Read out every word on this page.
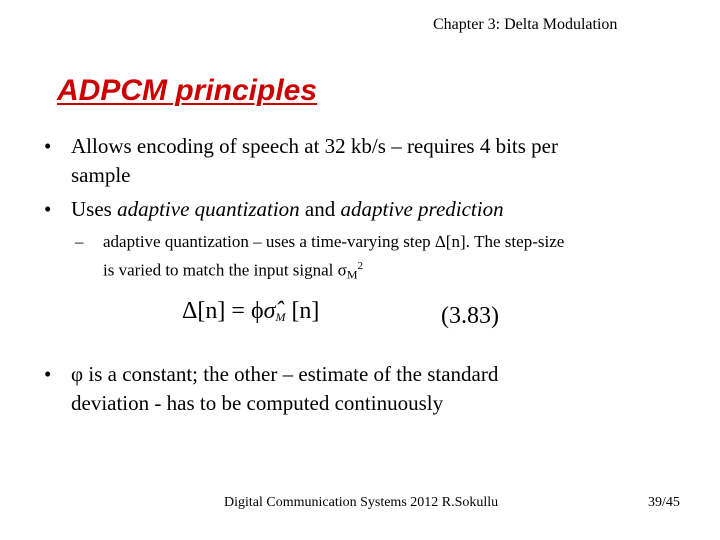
Chapter 3: Delta Modulation
ADPCM principles
• Allows encoding of speech at 32 kb/s – requires 4 bits per
sample
• Uses adaptive quantization and adaptive prediction
– adaptive quantization – uses a time-varying step Δ[n]. The step-size
is varied to match the input signal $\sigma_M^2$
$\Delta[n] = \phi\sigmâ_M$ [n]	(3.83)
• φ is a constant; the other – estimate of the standard
deviation - has to be computed continuously
Digital Communication Systems 2012 R.Sokullu	39/45
